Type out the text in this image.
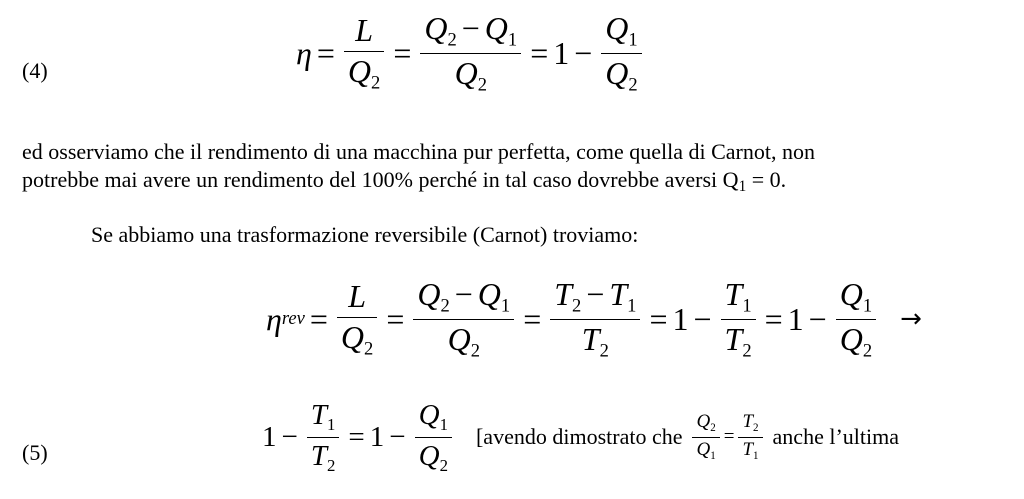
(4)	$\eta = \frac{L}{Q_2} = \frac{Q_2 - Q_1}{Q_2} = 1 - \frac{Q_1}{Q_2}$
ed osserviamo che il rendimento di una macchina pur perfetta, come quella di Carnot, non
potrebbe mai avere un rendimento del 100% perché in tal caso dovrebbe aversi Q1 = 0.
Se abbiamo una trasformazione reversibile (Carnot) troviamo:
η rev = $\frac{L}{Q_2} = \frac{Q_2 - Q_1}{Q_2} = \frac{T_2 - T_1}{T_2} = 1 - \frac{T_1}{T_2} = 1 - \frac{Q_1}{Q_2}$ →
(5)	$1 - \frac{T_1}{T_2} = 1 - \frac{Q_1}{Q_2}$ [avendo dimostrato che $\frac{Q_2}{Q_1} = \frac{T_2}{T_1}$ anche l’ultima
